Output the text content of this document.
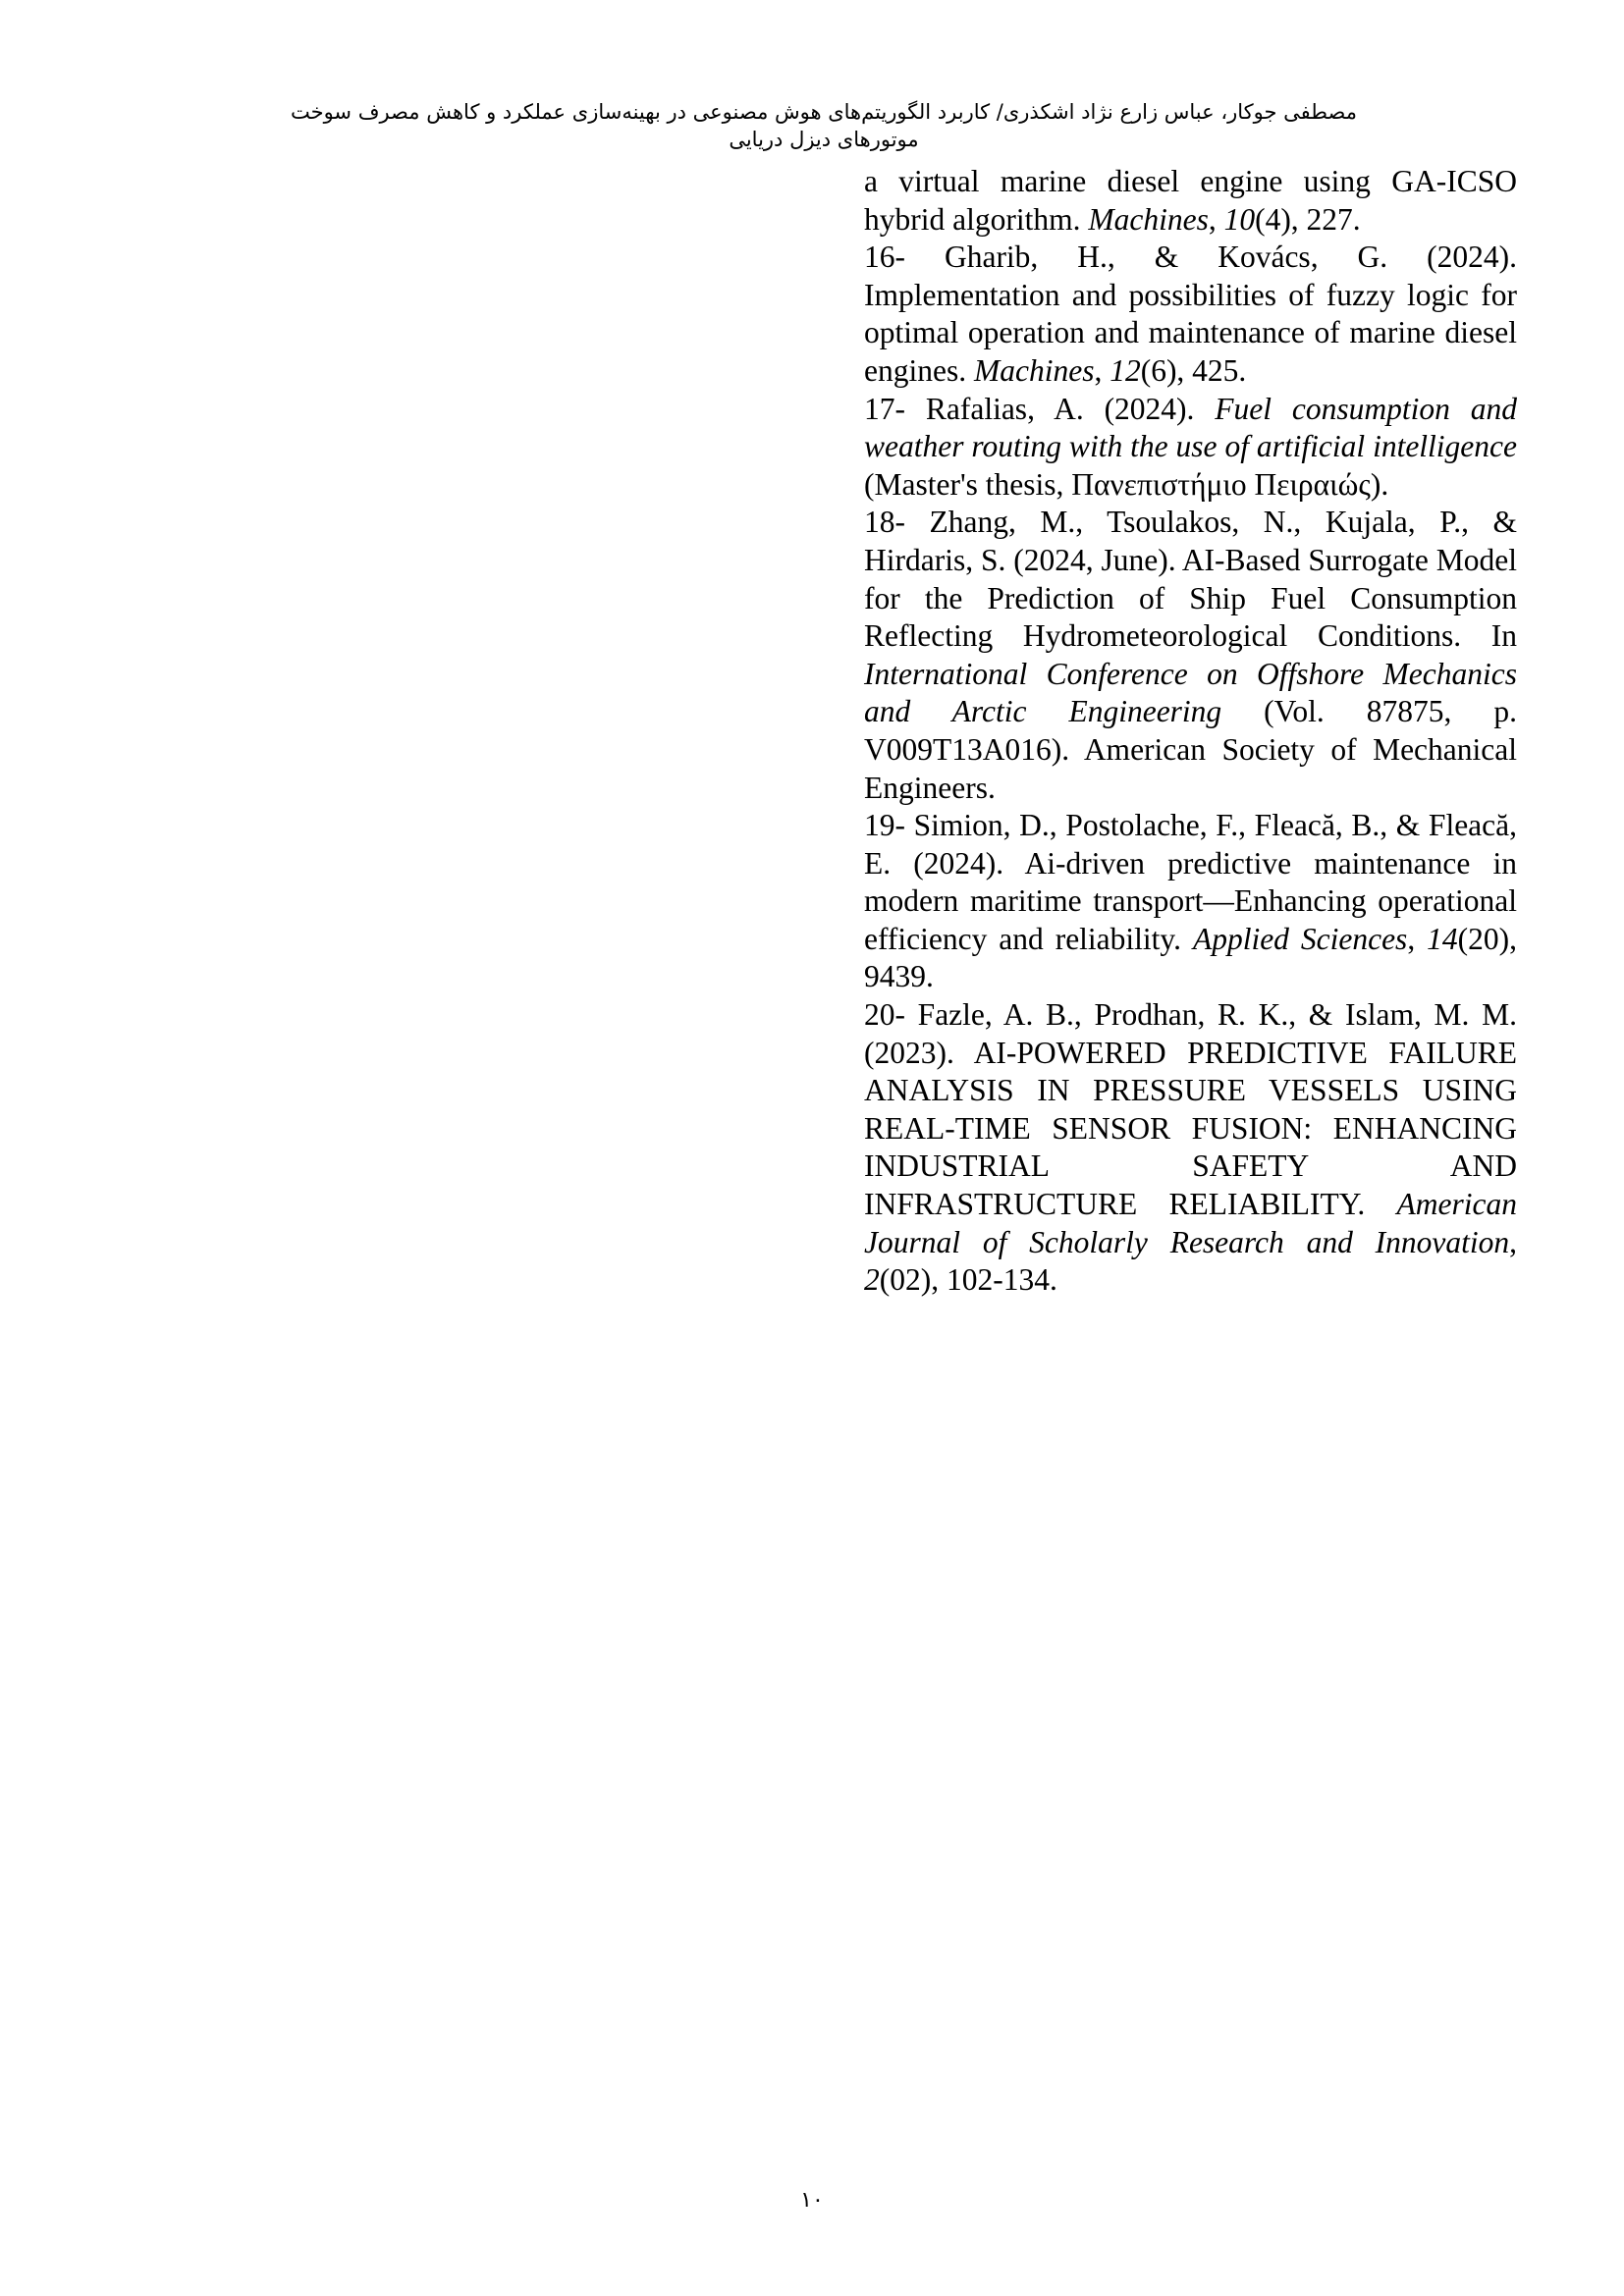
مصطفی جوکار، عباس زارع نژاد اشکذری/ کاربرد الگوریتم‌های هوش مصنوعی در بهینه‌سازی عملکرد و کاهش مصرف سوخت موتورهای دیزل دریایی

a virtual marine diesel engine using GA-ICSO hybrid algorithm. Machines, 10(4), 227.

16- Gharib, H., & Kovács, G. (2024). Implementation and possibilities of fuzzy logic for optimal operation and maintenance of marine diesel engines. Machines, 12(6), 425.

17- Rafalias, A. (2024). Fuel consumption and weather routing with the use of artificial intelligence (Master's thesis, Πανεπιστήμιο Πειραιώς).

18- Zhang, M., Tsoulakos, N., Kujala, P., & Hirdaris, S. (2024, June). AI-Based Surrogate Model for the Prediction of Ship Fuel Consumption Reflecting Hydrometeorological Conditions. In International Conference on Offshore Mechanics and Arctic Engineering (Vol. 87875, p. V009T13A016). American Society of Mechanical Engineers.

19- Simion, D., Postolache, F., Fleacă, B., & Fleacă, E. (2024). Ai-driven predictive maintenance in modern maritime transport—Enhancing operational efficiency and reliability. Applied Sciences, 14(20), 9439.

20- Fazle, A. B., Prodhan, R. K., & Islam, M. M. (2023). AI-POWERED PREDICTIVE FAILURE ANALYSIS IN PRESSURE VESSELS USING REAL-TIME SENSOR FUSION: ENHANCING INDUSTRIAL SAFETY AND INFRASTRUCTURE RELIABILITY. American Journal of Scholarly Research and Innovation, 2(02), 102-134.

١٠
